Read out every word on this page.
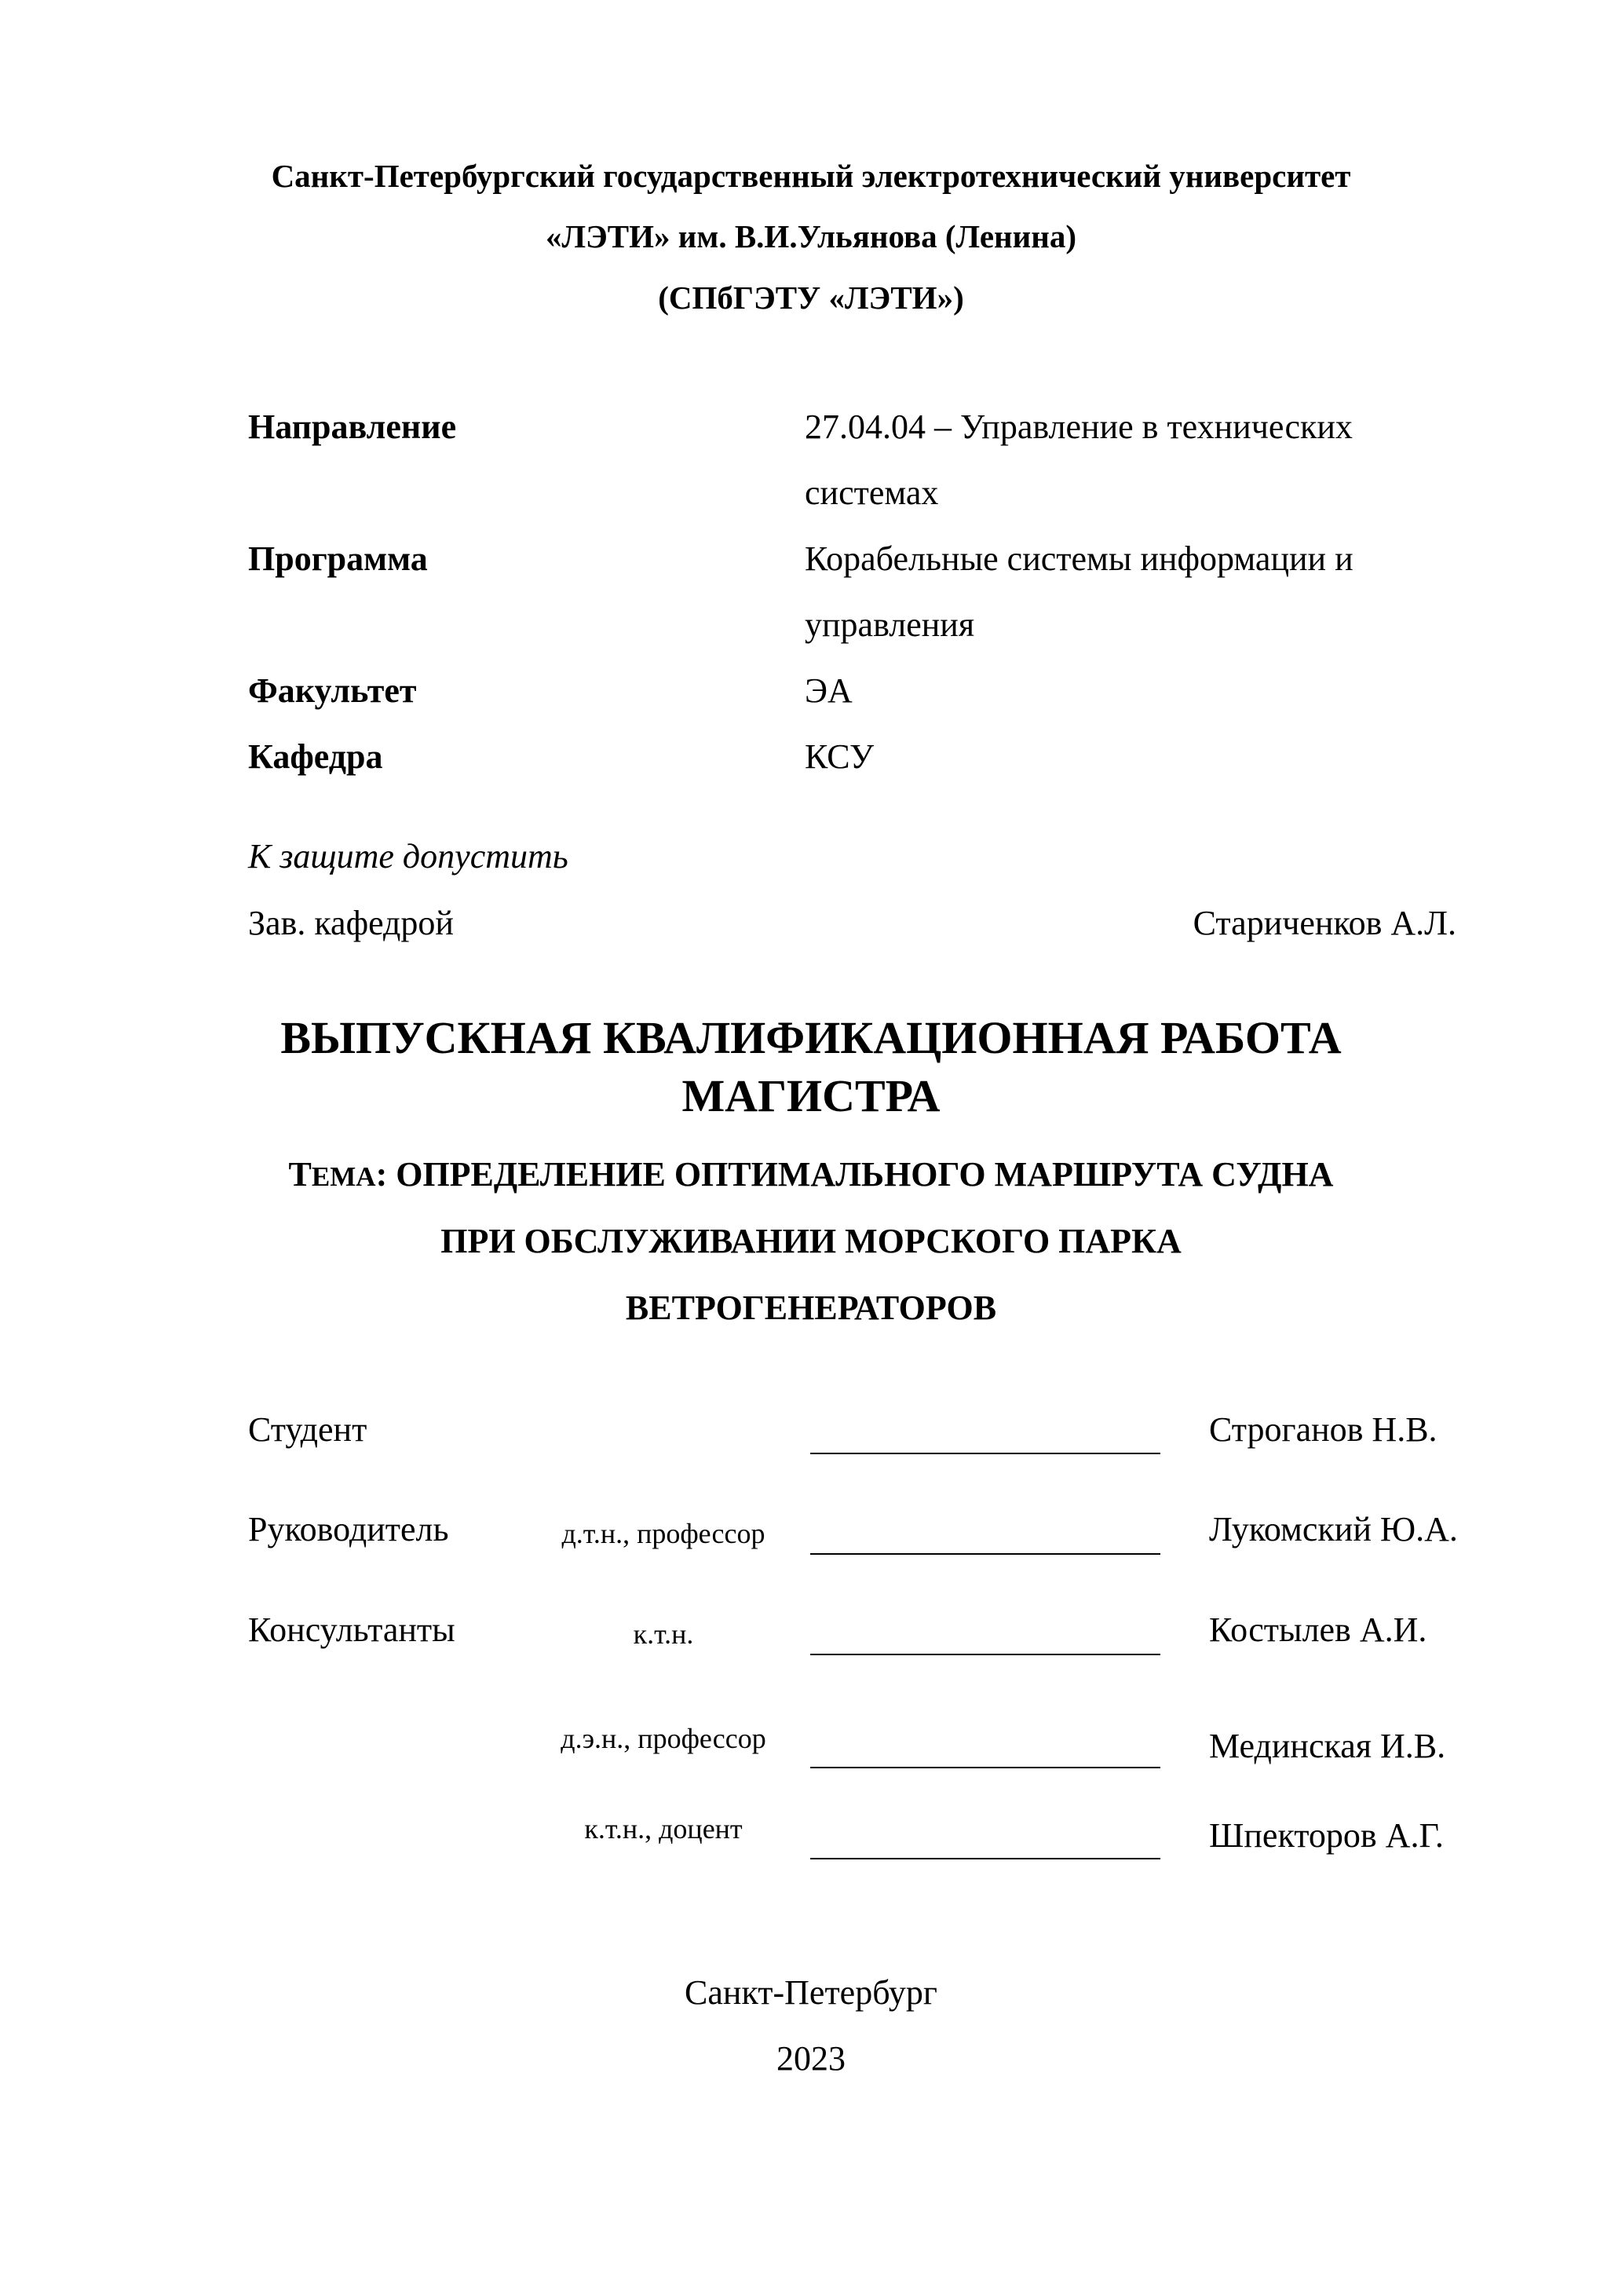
Санкт-Петербургский государственный электротехнический университет
«ЛЭТИ» им. В.И.Ульянова (Ленина)
(СПбГЭТУ «ЛЭТИ»)
Направление	27.04.04 – Управление в технических
системах
Программа	Корабельные системы информации и
управления
Факультет	ЭА
Кафедра	КСУ
К защите допустить
Зав. кафедрой	Стариченков А.Л.
ВЫПУСКНАЯ КВАЛИФИКАЦИОННАЯ РАБОТА
МАГИСТРА
ТЕМА: ОПРЕДЕЛЕНИЕ ОПТИМАЛЬНОГО МАРШРУТА СУДНА
ПРИ ОБСЛУЖИВАНИИ МОРСКОГО ПАРКА
ВЕТРОГЕНЕРАТОРОВ
Студент	Строганов Н.В.
Руководитель	д.т.н., профессор	Лукомский Ю.А.
Консультанты	к.т.н.	Костылев А.И.
д.э.н., профессор	Мединская И.В.
к.т.н., доцент	Шпекторов А.Г.
Санкт-Петербург
2023
